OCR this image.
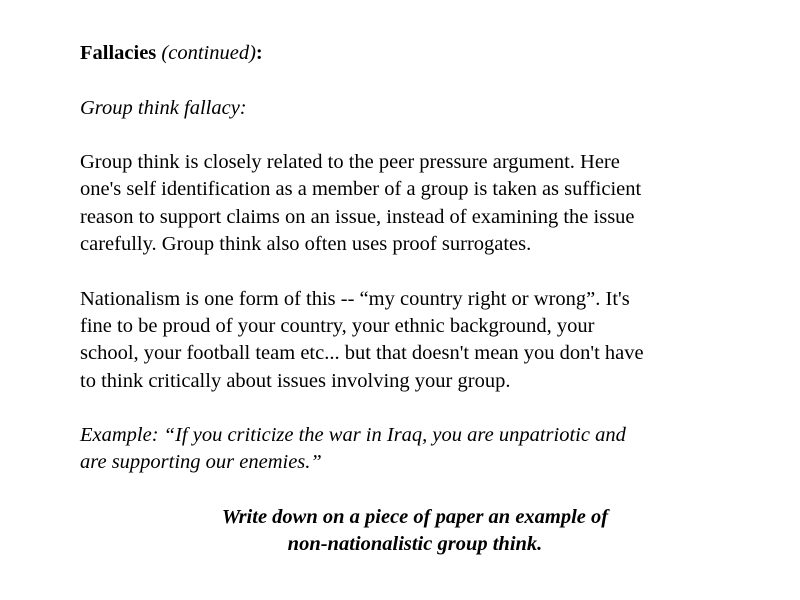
Fallacies (continued):
Group think fallacy:
Group think is closely related to the peer pressure argument. Here
one's self identification as a member of a group is taken as sufficient
reason to support claims on an issue, instead of examining the issue
carefully. Group think also often uses proof surrogates.
Nationalism is one form of this -- “my country right or wrong”. It's
fine to be proud of your country, your ethnic background, your
school, your football team etc... but that doesn't mean you don't have
to think critically about issues involving your group.
Example: “If you criticize the war in Iraq, you are unpatriotic and
are supporting our enemies.”
Write down on a piece of paper an example of
non-nationalistic group think.
